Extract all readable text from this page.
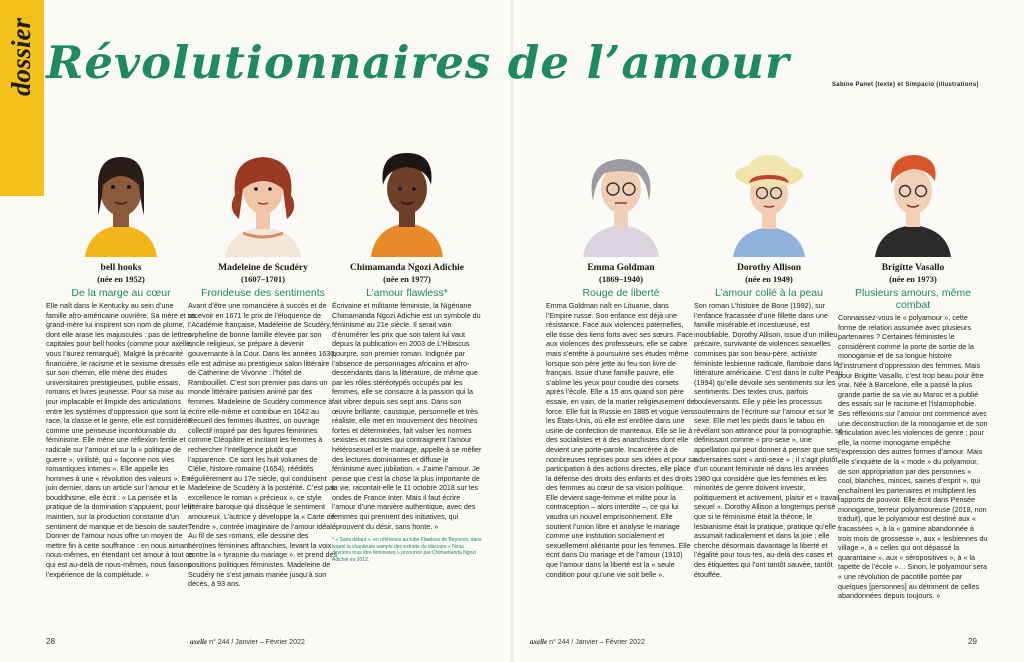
dossier Révolutionnaires de l’amour	Sabine Panet (texte) et Simpacio (illustrations)
bell hooks
(née en 1952)
De la marge au cœur
Elle naît dans le Kentucky au sein d’une famille afro-américaine ouvrière. Sa mère et sa grand-mère lui inspirent son nom de plume, dont elle arase les majuscules : pas de lettres capitales pour bell hooks (comme pour axelle, vous l’aurez remarqué). Malgré la précarité financière, le racisme et le sexisme dressés sur son chemin, elle mène des études universitaires prestigieuses, publie essais, romans et livres jeunesse. Pour sa mise au jour implacable et limpide des articulations entre les systèmes d’oppression que sont la race, la classe et le genre, elle est considérée comme une penseuse incontournable du féminisme. Elle mène une réflexion fertile et radicale sur l’amour et sur la « politique de guerre », virilisté, qui « façonne nos vies romantiques intimes ». Elle appelle les hommes à une « révolution des valeurs ». En juin dernier, dans un article sur l’amour et le bouddhisme, elle écrit : « La pensée et la pratique de la domination s’appuient, pour leur maintien, sur la production constante d’un sentiment de manque et de besoin de sauter. Donner de l’amour nous offre un moyen de mettre fin à cette souffrance : en nous aimant nous-mêmes, en étendant cet amour à tout ce qui est au-delà de nous-mêmes, nous faisons l’expérience de la complétude. »
Madeleine de Scudéry
(1607–1701)
Frondeuse des sentiments
Avant d’être une romancière à succès et de recevoir en 1671 le prix de l’éloquence de l’Académie française, Madeleine de Scudéry, orpheline de bonne famille élevée par son oncle religieux, se prépare à devenir gouvernante à la Cour. Dans les années 1630, elle est admise au prestigieux salon littéraire de Catherine de Vivonne : l’hôtel de Rambouillet. C’est son premier pas dans un monde littéraire parisien animé par des femmes. Madeleine de Scudéry commence à écrire elle-même et contribue en 1642 au Recueil des femmes illustres, un ouvrage collectif inspiré par des figures féminines comme Cléopâtre et incitant les femmes à rechercher l’intelligence plutôt que l’apparence. Ce sont les huit volumes de Clélie, histoire romaine (1654), réédités régulièrement au 17e siècle, qui conduisent Madeleine de Scudéry à la postérité. C’est par excellence le roman « précieux », ce style littéraire baroque qui dissèque le sentiment amoureux. L’autrice y développe la « Carte de Tendre », contrée imaginaire de l’amour idéal. Au fil de ses romans, elle dessine des héroïnes féminines affranchies, levant la voix contre la « tyrannie du mariage », et prend des positions politiques féministes. Madeleine de Scudéry ne s’est jamais mariée jusqu’à son décès, à 93 ans.
Chimamanda Ngozi Adichie
(née en 1977)
L’amour flawless*
Écrivaine et militante féministe, la Nigériane Chimamanda Ngozi Adichie est un symbole du féminisme au 21e siècle. Il serait vain d’énumérer les prix que son talent lui vaut depuis la publication en 2003 de L’Hibiscus pourpre, son premier roman. Indignée par l’absence de personnages africains et afro-descendants dans la littérature, de même que par les rôles stéréotypés occupés par les femmes, elle se consacre à la passion qui la fait vibrer depuis ses sept ans. Dans son œuvre brillante, caustique, personnelle et très réaliste, elle met en mouvement des héroïnes fortes et déterminées, fait valser les normes sexistes et racistes qui contraignent l’amour hétérosexuel et le mariage, appelle à se méfier des lectures dominantes et diffuse le féminisme avec jubilation. « J’aime l’amour. Je pense que c’est la chose la plus importante de la vie, racontait-elle le 11 octobre 2018 sur les ondes de France Inter. Mais il faut écrire l’amour d’une manière authentique, avec des femmes qui prennent des initiatives, qui éprouvent du désir, sans honte. »
* « Sans défaut », en référence au tube Flawless de Beyoncé, dans lequel la chanteuse sample des extraits du discours « Nous devrions tous être féministes » prononcé par Chimamanda Ngozi Adichie en 2012.
Emma Goldman
(1869–1940)
Rouge de liberté
Emma Goldman naît en Lituanie, dans l’Empire russe. Son enfance est déjà une résistance. Face aux violences paternelles, elle tisse des liens forts avec ses sœurs. Face aux violences des professeurs, elle se cabre mais s’entête à poursuivre ses études même lorsque son père jette au feu son livre de français. Issue d’une famille pauvre, elle s’abîme les yeux pour coudre des corsets après l’école. Elle a 15 ans quand son père essaie, en vain, de la marier religieusement de force. Elle fuit la Russie en 1885 et vogue vers les États-Unis, où elle est enrôlée dans une usine de confection de manteaux. Elle se lie à des socialistes et à des anarchistes dont elle devient une porte-parole. Incarcérée à de nombreuses reprises pour ses idées et pour sa participation à des actions directes, elle place la défense des droits des enfants et des droits des femmes au cœur de sa vision politique. Elle devient sage-femme et milite pour la contraception – alors interdite –, ce qui lui vaudra un nouvel emprisonnement. Elle soutient l’union libre et analyse le mariage comme une institution socialement et sexuellement aliénante pour les femmes. Elle écrit dans Du mariage et de l’amour (1910) que l’amour dans la liberté est la « seule condition pour qu’une vie soit belle ».
Dorothy Allison
(née en 1949)
L’amour collé à la peau
Son roman L’histoire de Bone (1992), sur l’enfance fracassée d’une fillette dans une famille misérable et incestueuse, est inoubliable. Dorothy Allison, issue d’un milieu précaire, survivante de violences sexuelles commises par son beau-père, activiste féministe lesbienne radicale, flamboie dans la littérature américaine. C’est dans le culte Peau (1994) qu’elle dévoile ses sentiments sur les sentiments. Des textes crus, parfois bouleversants. Elle y pèle les processus souterrains de l’écriture sur l’amour et sur le sexe. Elle met les pieds dans le tabou en révélant son attirance pour la pornographie, se définissant comme « pro-sexe », une appellation qui peut donner à penser que ses adversaires sont « anti-sexe » ; il s’agit plutôt d’un courant féministe né dans les années 1980 qui considère que les femmes et les minorités de genre doivent investir, politiquement et activement, plaisir et « travail sexuel ». Dorothy Allison a longtemps pensé que si le féminisme était la théorie, le lesbianisme était la pratique, pratique qu’elle assumait radicalement et dans la joie ; elle cherche désormais davantage la liberté et l’égalité pour tous-tes, au-delà des cases et des étiquettes qui l’ont tantôt sauvée, tantôt étouffée.
Brigitte Vasallo
(née en 1973)
Plusieurs amours, même combat
Connaissez-vous le « polyamour », cette forme de relation assumée avec plusieurs partenaires ? Certaines féministes le considèrent comme la porte de sortie de la monogamie et de sa longue histoire d’instrument d’oppression des femmes. Mais pour Brigitte Vasallo, c’est trop beau pour être vrai. Née à Barcelone, elle a passé la plus grande partie de sa vie au Maroc et a publié des essais sur le racisme et l’islamophobie. Ses réflexions sur l’amour ont commencé avec une déconstruction de la monogamie et de son articulation avec les violences de genre ; pour elle, la norme monogame empêche l’expression des autres formes d’amour. Mais elle s’inquiète de la « mode » du polyamour, de son appropriation par des personnes « cool, blanches, minces, saines d’esprit », qui enchaînent les partenaires et multiplient les rapports de pouvoir. Elle écrit dans Pensée monogame, terreur polyamoureuse (2018, non traduit), que le polyamour est destiné aux « fracassées », à la « gamine abandonnée à trois mois de grossesse », aux « lesbiennes du village », à « celles qui ont dépassé la quarantaine », aux « séropositives », à « la tapette de l’école »… Sinon, le polyamour sera « une révolution de pacotille portée par quelques [personnes] au détriment de celles abandonnées depuis toujours. »
28	axelle n° 244 / Janvier – Février 2022	axelle n° 244 / Janvier – Février 2022	29
